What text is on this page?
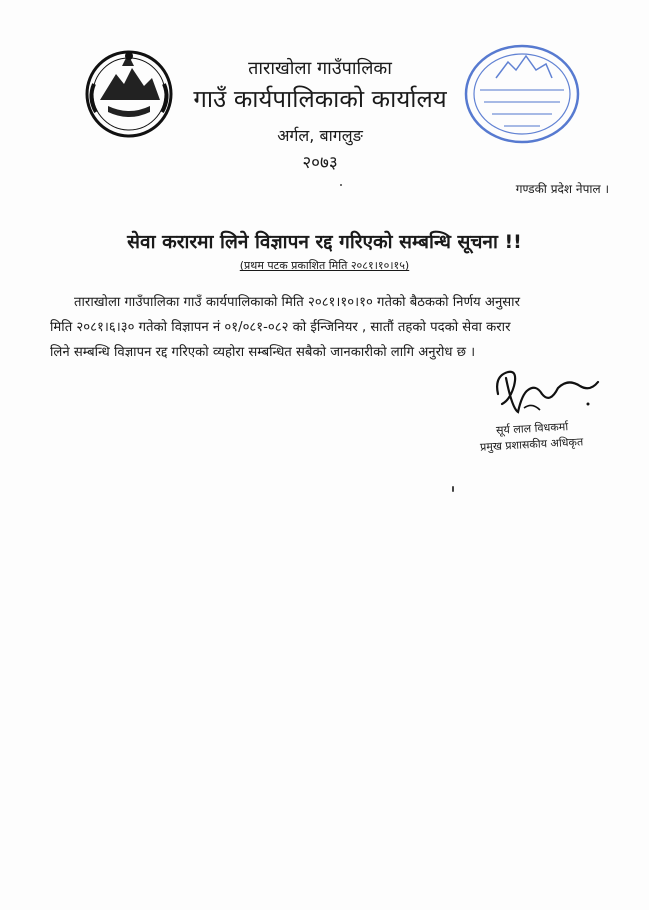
ताराखोला गाउँपालिका
गाउँ कार्यपालिकाको कार्यालय
अर्गल, बागलुङ
२०७३
गण्डकी प्रदेश नेपाल ।
सेवा करारमा लिने विज्ञापन रद्द गरिएको सम्बन्धि सूचना !!
(प्रथम पटक प्रकाशित मिति २०८१।१०।१५)
ताराखोला गाउँपालिका गाउँ कार्यपालिकाको मिति २०८१।१०।१० गतेको बैठकको निर्णय अनुसार
मिति २०८१।६।३० गतेको विज्ञापन नं ०१/०८१-०८२ को ईन्जिनियर , सातौं तहको पदको सेवा करार
लिने सम्बन्धि विज्ञापन रद्द गरिएको व्यहोरा सम्बन्धित सबैको जानकारीको लागि अनुरोध छ ।
सूर्य लाल विधकर्मा
प्रमुख प्रशासकीय अधिकृत
